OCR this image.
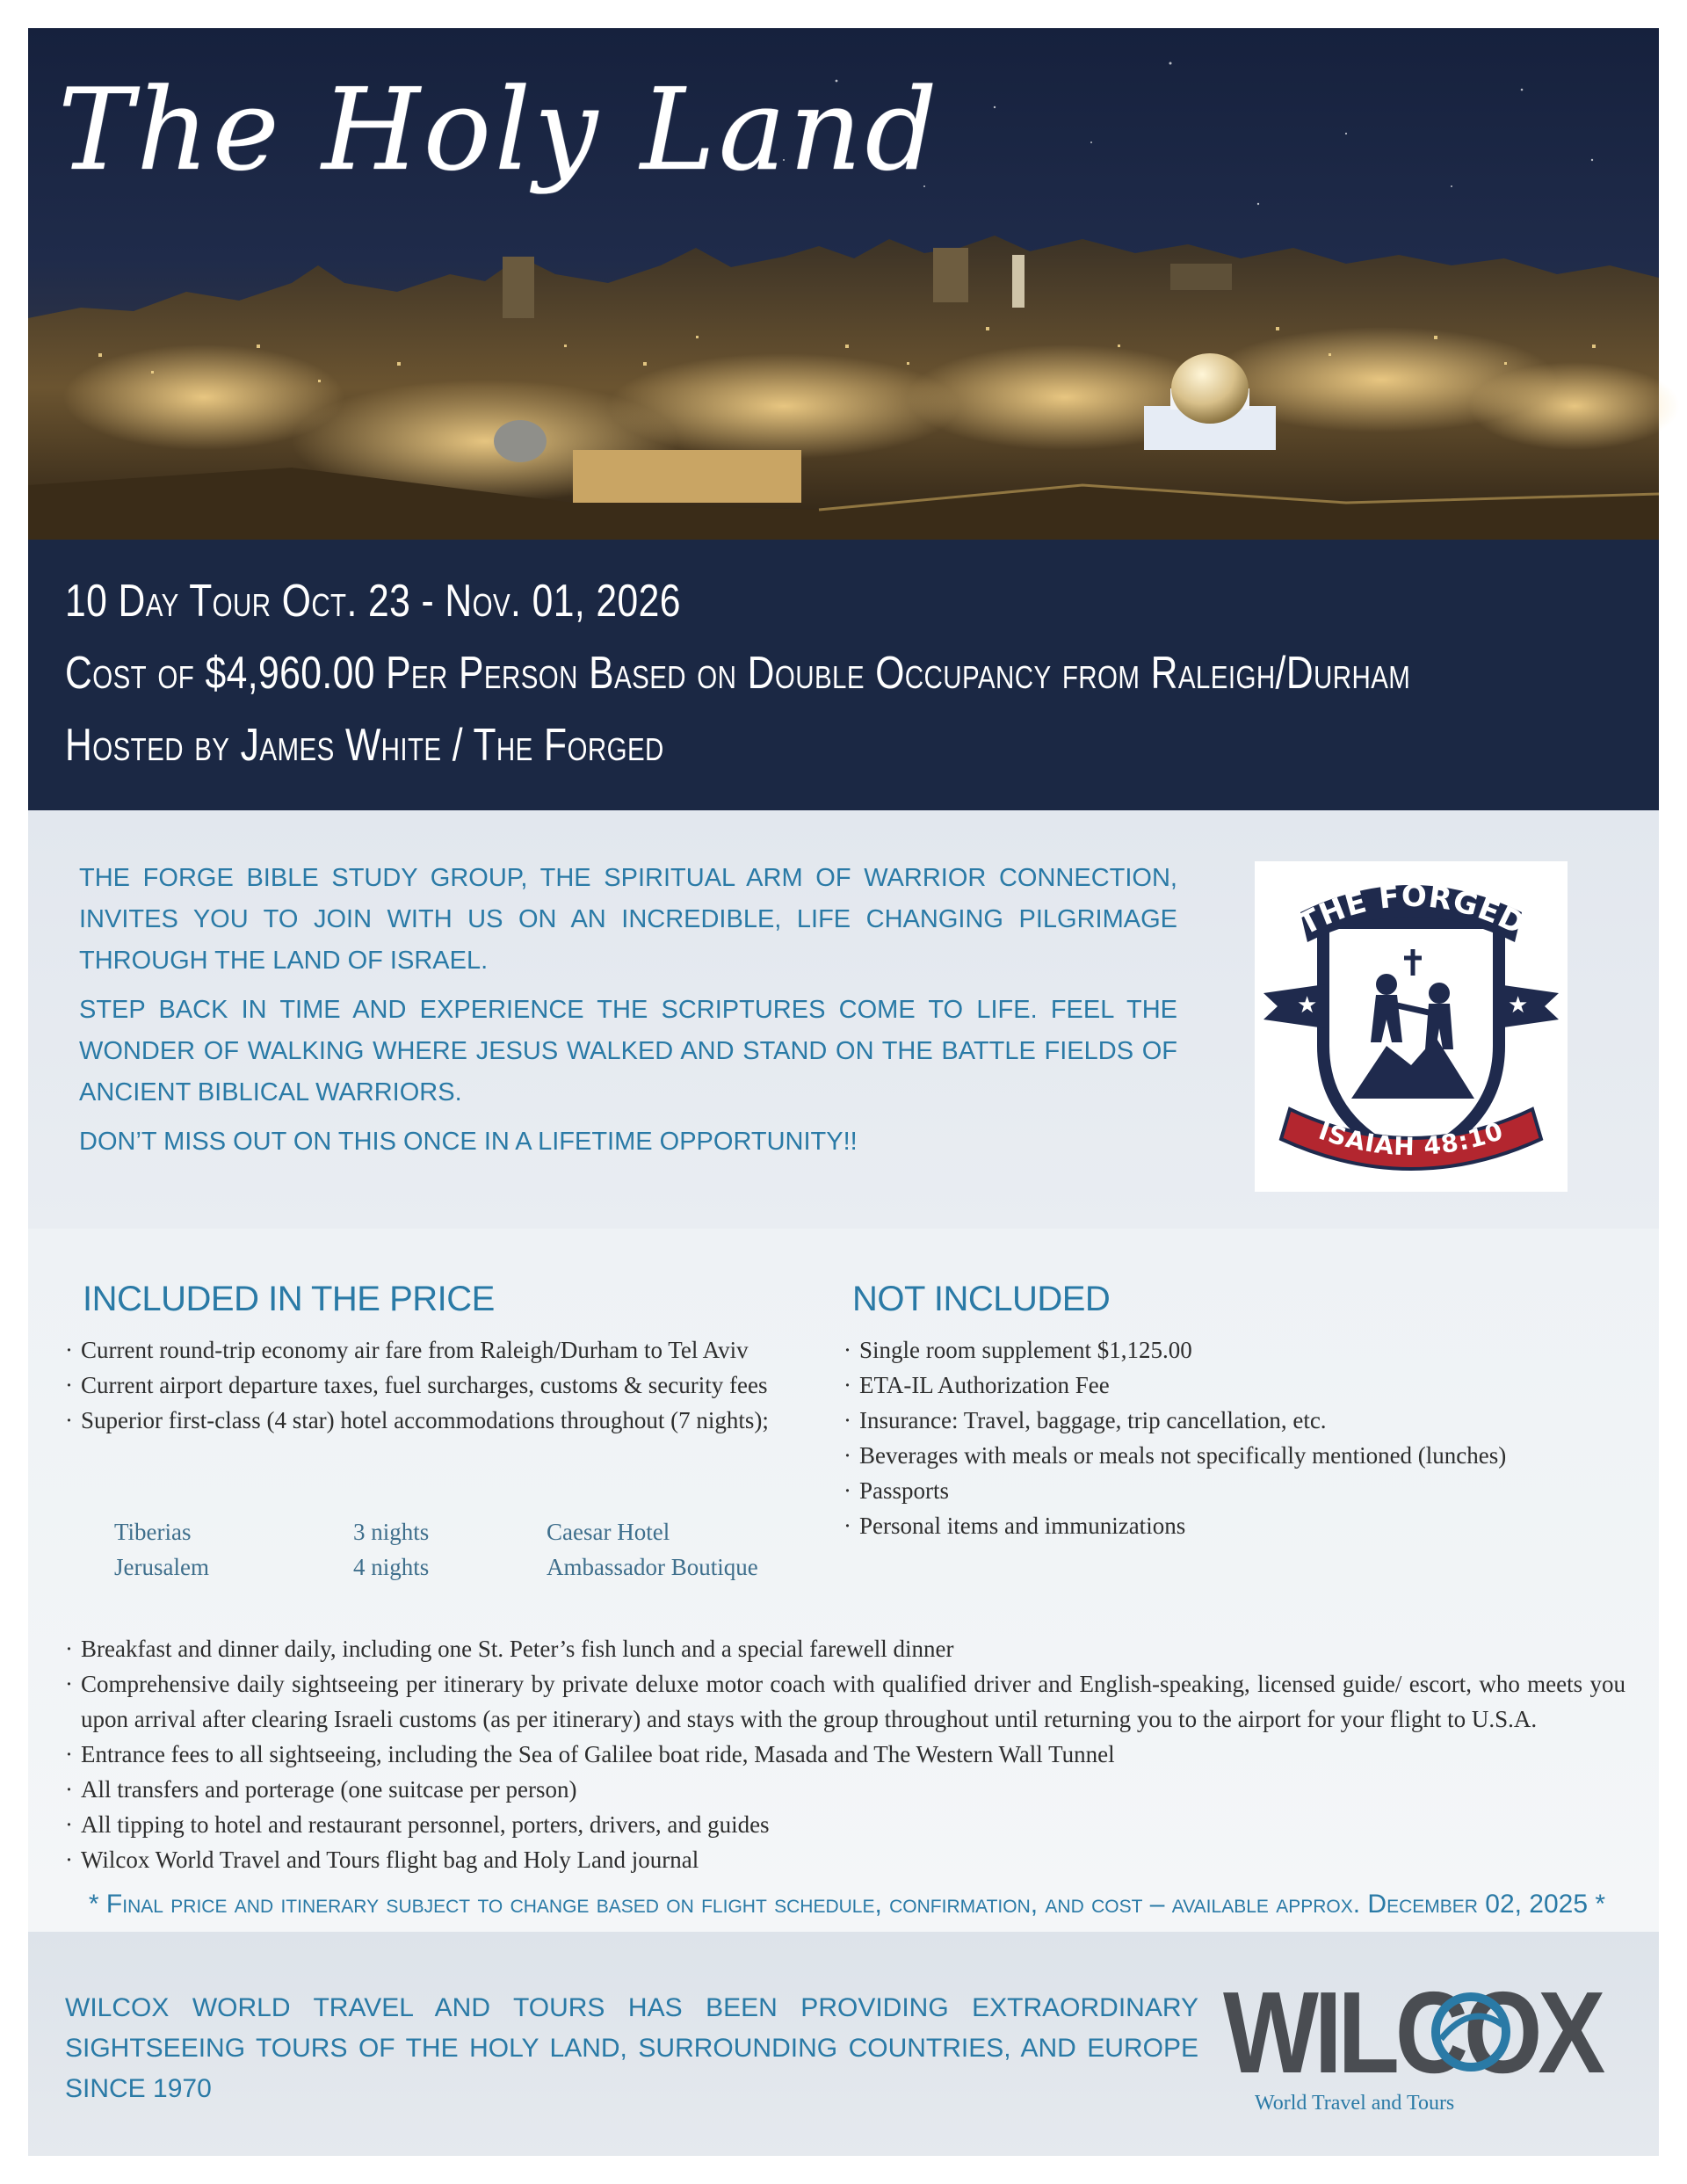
The Holy Land
10 Day Tour Oct. 23 - Nov. 01, 2026
Cost of $4,960.00 Per Person Based on Double Occupancy from Raleigh/Durham
Hosted by James White / The Forged

THE FORGE BIBLE STUDY GROUP, THE SPIRITUAL ARM OF WARRIOR CONNECTION, INVITES YOU TO JOIN WITH US ON AN INCREDIBLE, LIFE CHANGING PILGRIMAGE THROUGH THE LAND OF ISRAEL.

STEP BACK IN TIME AND EXPERIENCE THE SCRIPTURES COME TO LIFE. FEEL THE WONDER OF WALKING WHERE JESUS WALKED AND STAND ON THE BATTLE FIELDS OF ANCIENT BIBLICAL WARRIORS.

DON’T MISS OUT ON THIS ONCE IN A LIFETIME OPPORTUNITY!!

★	★
THE FORGED
ISAIAH 48:10
INCLUDED IN THE PRICE	NOT INCLUDED
· Current round-trip economy air fare from Raleigh/Durham to Tel Aviv
· Current airport departure taxes, fuel surcharges, customs & security fees
· Superior first-class (4 star) hotel accommodations throughout (7 nights);
Tiberias	3 nights	Caesar Hotel
Jerusalem	4 nights	Ambassador Boutique
· Single room supplement $1,125.00
· ETA-IL Authorization Fee
· Insurance: Travel, baggage, trip cancellation, etc.
· Beverages with meals or meals not specifically mentioned (lunches)
· Passports
· Personal items and immunizations
· Breakfast and dinner daily, including one St. Peter’s fish lunch and a special farewell dinner
· Comprehensive daily sightseeing per itinerary by private deluxe motor coach with qualified driver and English-speaking, licensed guide/ escort, who meets you upon arrival after clearing Israeli customs (as per itinerary) and stays with the group throughout until returning you to the airport for your flight to U.S.A.
· Entrance fees to all sightseeing, including the Sea of Galilee boat ride, Masada and The Western Wall Tunnel
· All transfers and porterage (one suitcase per person)
· All tipping to hotel and restaurant personnel, porters, drivers, and guides
· Wilcox World Travel and Tours flight bag and Holy Land journal
* Final price and itinerary subject to change based on flight schedule, confirmation, and cost – available approx. December 02, 2025 *

WILCOX WORLD TRAVEL AND TOURS HAS BEEN PROVIDING EXTRAORDINARY SIGHTSEEING TOURS OF THE HOLY LAND, SURROUNDING COUNTRIES, AND EUROPE SINCE 1970	WILCOX
World Travel and Tours
